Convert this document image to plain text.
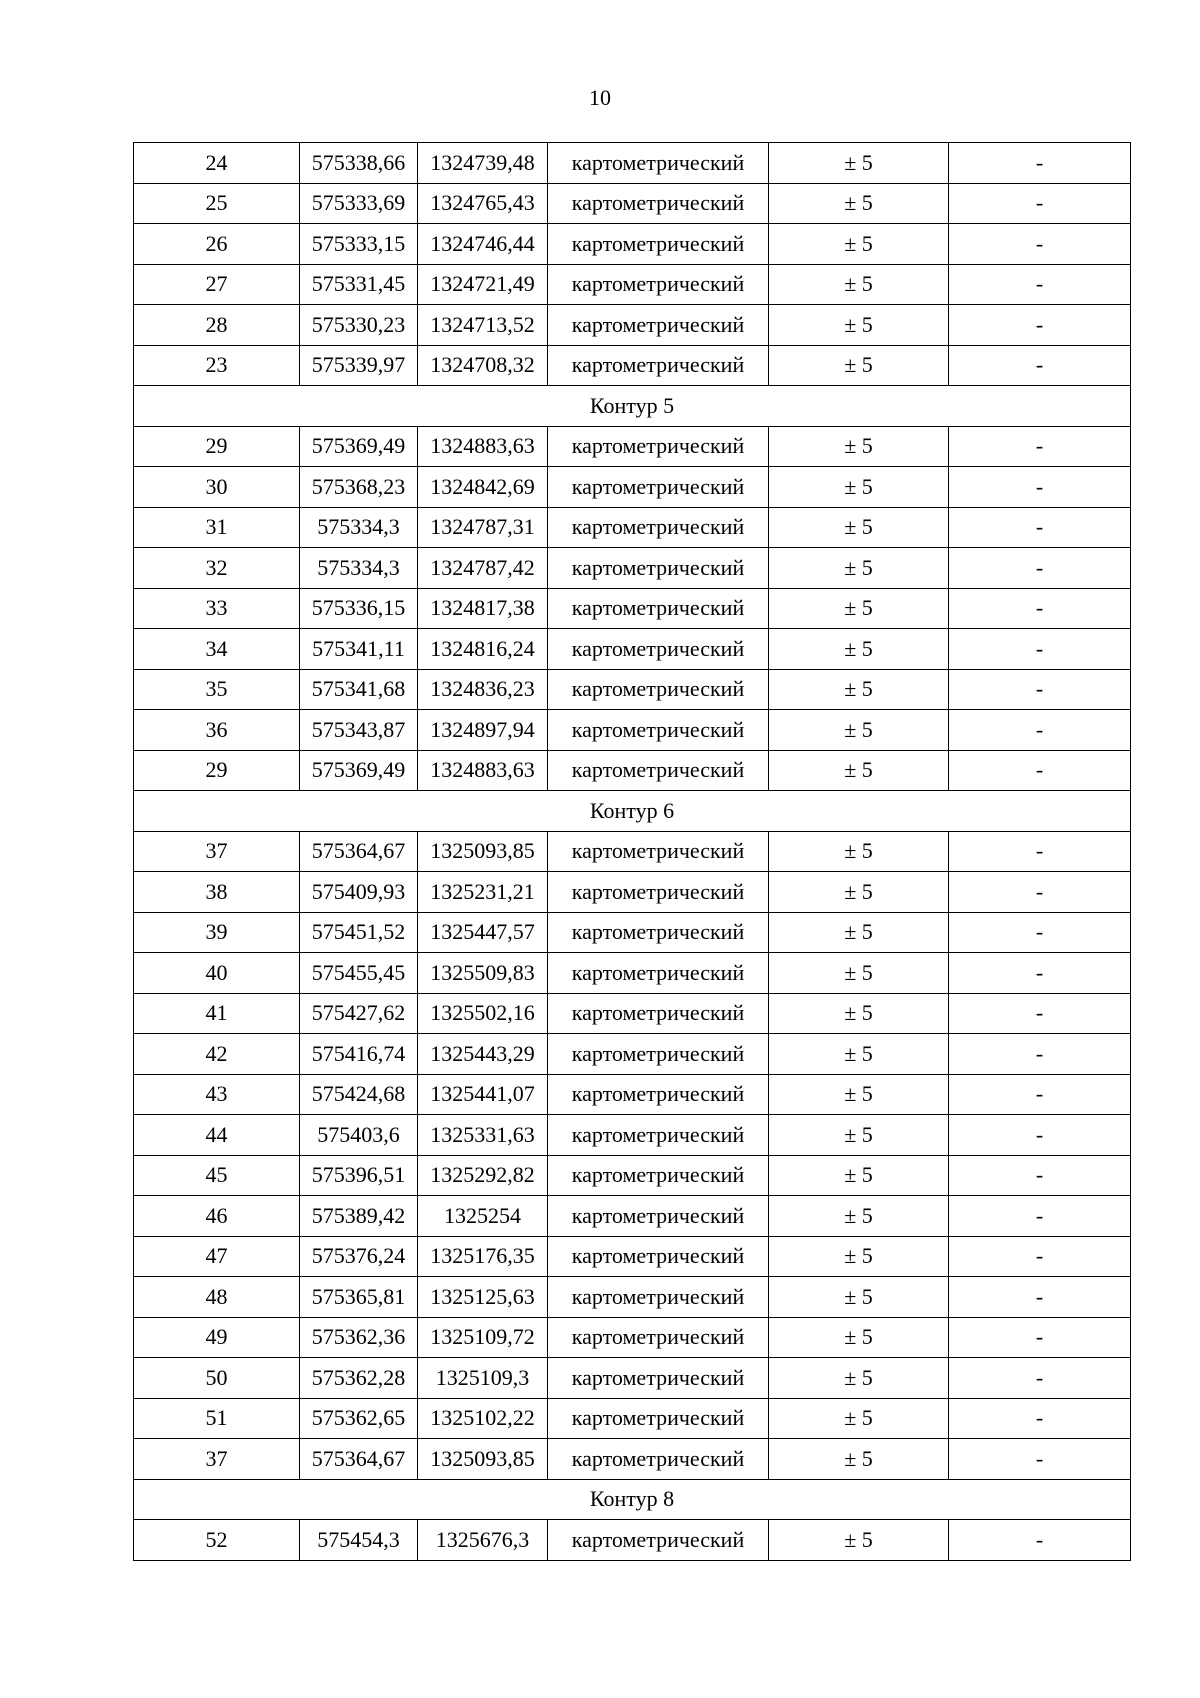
10
24	575338,66	1324739,48	картометрический	± 5	-
25	575333,69	1324765,43	картометрический	± 5	-
26	575333,15	1324746,44	картометрический	± 5	-
27	575331,45	1324721,49	картометрический	± 5	-
28	575330,23	1324713,52	картометрический	± 5	-
23	575339,97	1324708,32	картометрический	± 5	-
Контур 5					
29	575369,49	1324883,63	картометрический	± 5	-
30	575368,23	1324842,69	картометрический	± 5	-
31	575334,3	1324787,31	картометрический	± 5	-
32	575334,3	1324787,42	картометрический	± 5	-
33	575336,15	1324817,38	картометрический	± 5	-
34	575341,11	1324816,24	картометрический	± 5	-
35	575341,68	1324836,23	картометрический	± 5	-
36	575343,87	1324897,94	картометрический	± 5	-
29	575369,49	1324883,63	картометрический	± 5	-
Контур 6					
37	575364,67	1325093,85	картометрический	± 5	-
38	575409,93	1325231,21	картометрический	± 5	-
39	575451,52	1325447,57	картометрический	± 5	-
40	575455,45	1325509,83	картометрический	± 5	-
41	575427,62	1325502,16	картометрический	± 5	-
42	575416,74	1325443,29	картометрический	± 5	-
43	575424,68	1325441,07	картометрический	± 5	-
44	575403,6	1325331,63	картометрический	± 5	-
45	575396,51	1325292,82	картометрический	± 5	-
46	575389,42	1325254	картометрический	± 5	-
47	575376,24	1325176,35	картометрический	± 5	-
48	575365,81	1325125,63	картометрический	± 5	-
49	575362,36	1325109,72	картометрический	± 5	-
50	575362,28	1325109,3	картометрический	± 5	-
51	575362,65	1325102,22	картометрический	± 5	-
37	575364,67	1325093,85	картометрический	± 5	-
Контур 8					
52	575454,3	1325676,3	картометрический	± 5	-
